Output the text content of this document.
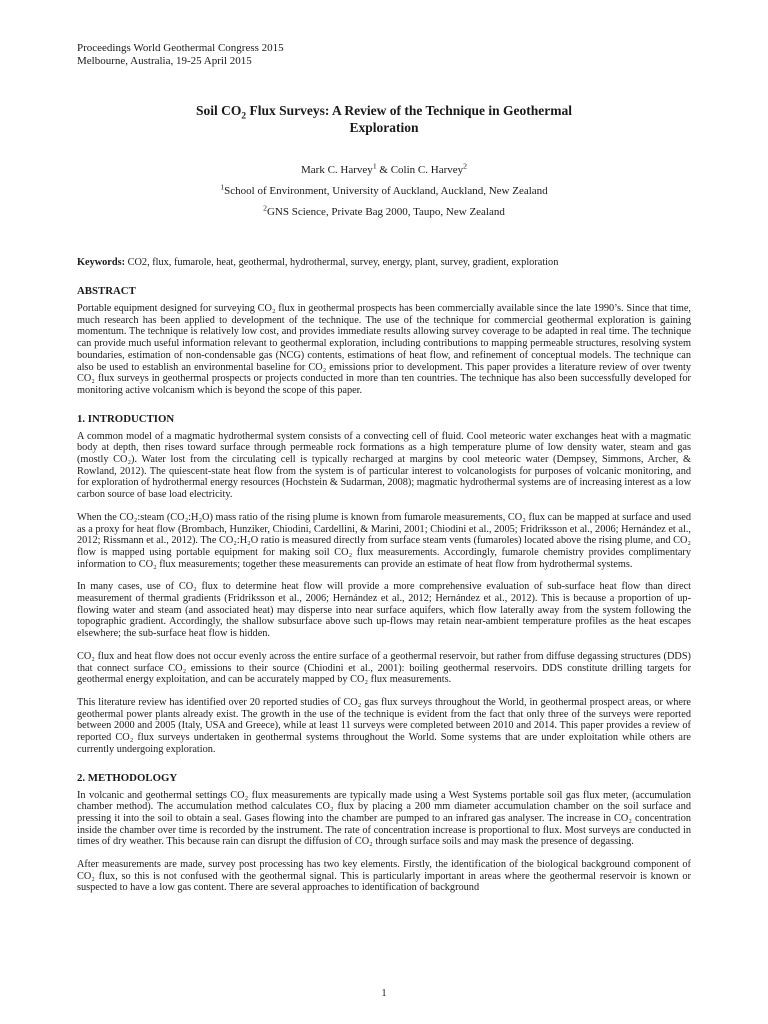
Proceedings World Geothermal Congress 2015
Melbourne, Australia, 19-25 April 2015
Soil $CO_2$ Flux Surveys: A Review of the Technique in Geothermal
Exploration
Mark C. Harvey$^1$ & Colin C. Harvey$^2$
$^1$School of Environment, University of Auckland, Auckland, New Zealand
$^2$GNS Science, Private Bag 2000, Taupo, New Zealand
Keywords: CO2, flux, fumarole, heat, geothermal, hydrothermal, survey, energy, plant, survey, gradient, exploration
ABSTRACT

Portable equipment designed for surveying CO₂ flux in geothermal prospects has been commercially available since the late 1990’s. Since that time, much research has been applied to development of the technique. The use of the technique for commercial geothermal exploration is gaining momentum. The technique is relatively low cost, and provides immediate results allowing survey coverage to be adapted in real time. The technique can provide much useful information relevant to geothermal exploration, including contributions to mapping permeable structures, resolving system boundaries, estimation of non-condensable gas (NCG) contents, estimations of heat flow, and refinement of conceptual models. The technique can also be used to establish an environmental baseline for CO₂ emissions prior to development. This paper provides a literature review of over twenty CO₂ flux surveys in geothermal prospects or projects conducted in more than ten countries. The technique has also been successfully developed for monitoring active volcanism which is beyond the scope of this paper.

1. INTRODUCTION

A common model of a magmatic hydrothermal system consists of a convecting cell of fluid. Cool meteoric water exchanges heat with a magmatic body at depth, then rises toward surface through permeable rock formations as a high temperature plume of low density water, steam and gas (mostly CO₂). Water lost from the circulating cell is typically recharged at margins by cool meteoric water (Dempsey, Simmons, Archer, & Rowland, 2012). The quiescent-state heat flow from the system is of particular interest to volcanologists for purposes of volcanic monitoring, and for exploration of hydrothermal energy resources (Hochstein & Sudarman, 2008); magmatic hydrothermal systems are of increasing interest as a low carbon source of base load electricity.

When the CO₂:steam (CO₂:H₂O) mass ratio of the rising plume is known from fumarole measurements, CO₂ flux can be mapped at surface and used as a proxy for heat flow (Brombach, Hunziker, Chiodini, Cardellini, & Marini, 2001; Chiodini et al., 2005; Fridriksson et al., 2006; Hernández et al., 2012; Rissmann et al., 2012). The CO₂:H₂O ratio is measured directly from surface steam vents (fumaroles) located above the rising plume, and CO₂ flow is mapped using portable equipment for making soil CO₂ flux measurements. Accordingly, fumarole chemistry provides complimentary information to CO₂ flux measurements; together these measurements can provide an estimate of heat flow from hydrothermal systems.

In many cases, use of CO₂ flux to determine heat flow will provide a more comprehensive evaluation of sub-surface heat flow than direct measurement of thermal gradients (Fridriksson et al., 2006; Hernández et al., 2012; Hernández et al., 2012). This is because a proportion of up-flowing water and steam (and associated heat) may disperse into near surface aquifers, which flow laterally away from the system following the topographic gradient. Accordingly, the shallow subsurface above such up-flows may retain near-ambient temperature profiles as the heat escapes elsewhere; the sub-surface heat flow is hidden.

CO₂ flux and heat flow does not occur evenly across the entire surface of a geothermal reservoir, but rather from diffuse degassing structures (DDS) that connect surface CO₂ emissions to their source (Chiodini et al., 2001): boiling geothermal reservoirs. DDS constitute drilling targets for geothermal energy exploitation, and can be accurately mapped by CO₂ flux measurements.

This literature review has identified over 20 reported studies of CO₂ gas flux surveys throughout the World, in geothermal prospect areas, or where geothermal power plants already exist. The growth in the use of the technique is evident from the fact that only three of the surveys were reported between 2000 and 2005 (Italy, USA and Greece), while at least 11 surveys were completed between 2010 and 2014. This paper provides a review of reported CO₂ flux surveys undertaken in geothermal systems throughout the World. Some systems that are under exploitation while others are currently undergoing exploration.

2. METHODOLOGY

In volcanic and geothermal settings CO₂ flux measurements are typically made using a West Systems portable soil gas flux meter, (accumulation chamber method). The accumulation method calculates CO₂ flux by placing a 200 mm diameter accumulation chamber on the soil surface and pressing it into the soil to obtain a seal. Gases flowing into the chamber are pumped to an infrared gas analyser. The increase in CO₂ concentration inside the chamber over time is recorded by the instrument. The rate of concentration increase is proportional to flux. Most surveys are conducted in times of dry weather. This because rain can disrupt the diffusion of CO₂ through surface soils and may mask the presence of degassing.

After measurements are made, survey post processing has two key elements. Firstly, the identification of the biological background component of CO₂ flux, so this is not confused with the geothermal signal. This is particularly important in areas where the geothermal reservoir is known or suspected to have a low gas content. There are several approaches to identification of background

1
